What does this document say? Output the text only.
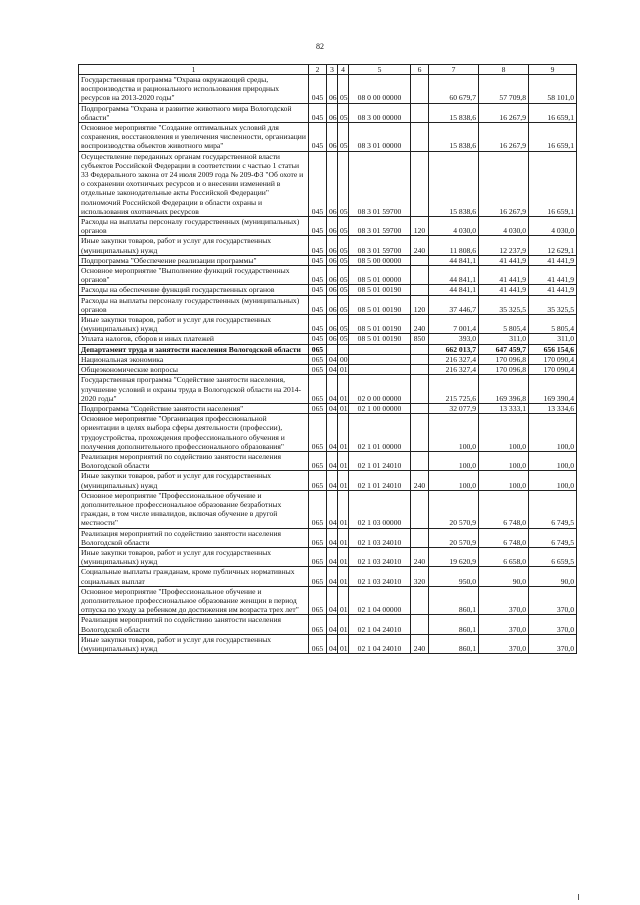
82
1	2	3	4	5	6	7	8	9
Государственная программа "Охрана окружающей среды, воспроизводства и рационального использования природных ресурсов на 2013-2020 годы"	045	06	05	08 0 00 00000		60 679,7	57 709,8	58 101,0
Подпрограмма "Охрана и развитие животного мира Вологодской области"	045	06	05	08 3 00 00000		15 838,6	16 267,9	16 659,1
Основное мероприятие "Создание оптимальных условий для сохранения, восстановления и увеличения численности, организации воспроизводства объектов животного мира"	045	06	05	08 3 01 00000		15 838,6	16 267,9	16 659,1
Осуществление переданных органам государственной власти субъектов Российской Федерации в соответствии с частью 1 статьи 33 Федерального закона от 24 июля 2009 года № 209-ФЗ "Об охоте и о сохранении охотничьих ресурсов и о внесении изменений в отдельные законодательные акты Российской Федерации" полномочий Российской Федерации в области охраны и использования охотничьих ресурсов	045	06	05	08 3 01 59700		15 838,6	16 267,9	16 659,1
Расходы на выплаты персоналу государственных (муниципальных) органов	045	06	05	08 3 01 59700	120	4 030,0	4 030,0	4 030,0
Иные закупки товаров, работ и услуг для государственных (муниципальных) нужд	045	06	05	08 3 01 59700	240	11 808,6	12 237,9	12 629,1
Подпрограмма "Обеспечение реализации программы"	045	06	05	08 5 00 00000		44 841,1	41 441,9	41 441,9
Основное мероприятие "Выполнение функций государственных органов"	045	06	05	08 5 01 00000		44 841,1	41 441,9	41 441,9
Расходы на обеспечение функций государственных органов	045	06	05	08 5 01 00190		44 841,1	41 441,9	41 441,9
Расходы на выплаты персоналу государственных (муниципальных) органов	045	06	05	08 5 01 00190	120	37 446,7	35 325,5	35 325,5
Иные закупки товаров, работ и услуг для государственных (муниципальных) нужд	045	06	05	08 5 01 00190	240	7 001,4	5 805,4	5 805,4
Уплата налогов, сборов и иных платежей	045	06	05	08 5 01 00190	850	393,0	311,0	311,0
Департамент труда и занятости населения Вологодской области	065					662 013,7	647 459,7	656 154,6
Национальная экономика	065	04	00			216 327,4	170 096,8	170 090,4
Общеэкономические вопросы	065	04	01			216 327,4	170 096,8	170 090,4
Государственная программа "Содействие занятости населения, улучшение условий и охраны труда в Вологодской области на 2014-2020 годы"	065	04	01	02 0 00 00000		215 725,6	169 396,8	169 390,4
Подпрограмма "Содействие занятости населения"	065	04	01	02 1 00 00000		32 077,9	13 333,1	13 334,6
Основное мероприятие "Организация профессиональной ориентации в целях выбора сферы деятельности (профессии), трудоустройства, прохождения профессионального обучения и получения дополнительного профессионального образования"	065	04	01	02 1 01 00000		100,0	100,0	100,0
Реализация мероприятий по содействию занятости населения Вологодской области	065	04	01	02 1 01 24010		100,0	100,0	100,0
Иные закупки товаров, работ и услуг для государственных (муниципальных) нужд	065	04	01	02 1 01 24010	240	100,0	100,0	100,0
Основное мероприятие "Профессиональное обучение и дополнительное профессиональное образование безработных граждан, в том числе инвалидов, включая обучение в другой местности"	065	04	01	02 1 03 00000		20 570,9	6 748,0	6 749,5
Реализация мероприятий по содействию занятости населения Вологодской области	065	04	01	02 1 03 24010		20 570,9	6 748,0	6 749,5
Иные закупки товаров, работ и услуг для государственных (муниципальных) нужд	065	04	01	02 1 03 24010	240	19 620,9	6 658,0	6 659,5
Социальные выплаты гражданам, кроме публичных нормативных социальных выплат	065	04	01	02 1 03 24010	320	950,0	90,0	90,0
Основное мероприятие "Профессиональное обучение и дополнительное профессиональное образование женщин в период отпуска по уходу за ребенком до достижения им возраста трех лет"	065	04	01	02 1 04 00000		860,1	370,0	370,0
Реализация мероприятий по содействию занятости населения Вологодской области	065	04	01	02 1 04 24010		860,1	370,0	370,0
Иные закупки товаров, работ и услуг для государственных (муниципальных) нужд	065	04	01	02 1 04 24010	240	860,1	370,0	370,0
